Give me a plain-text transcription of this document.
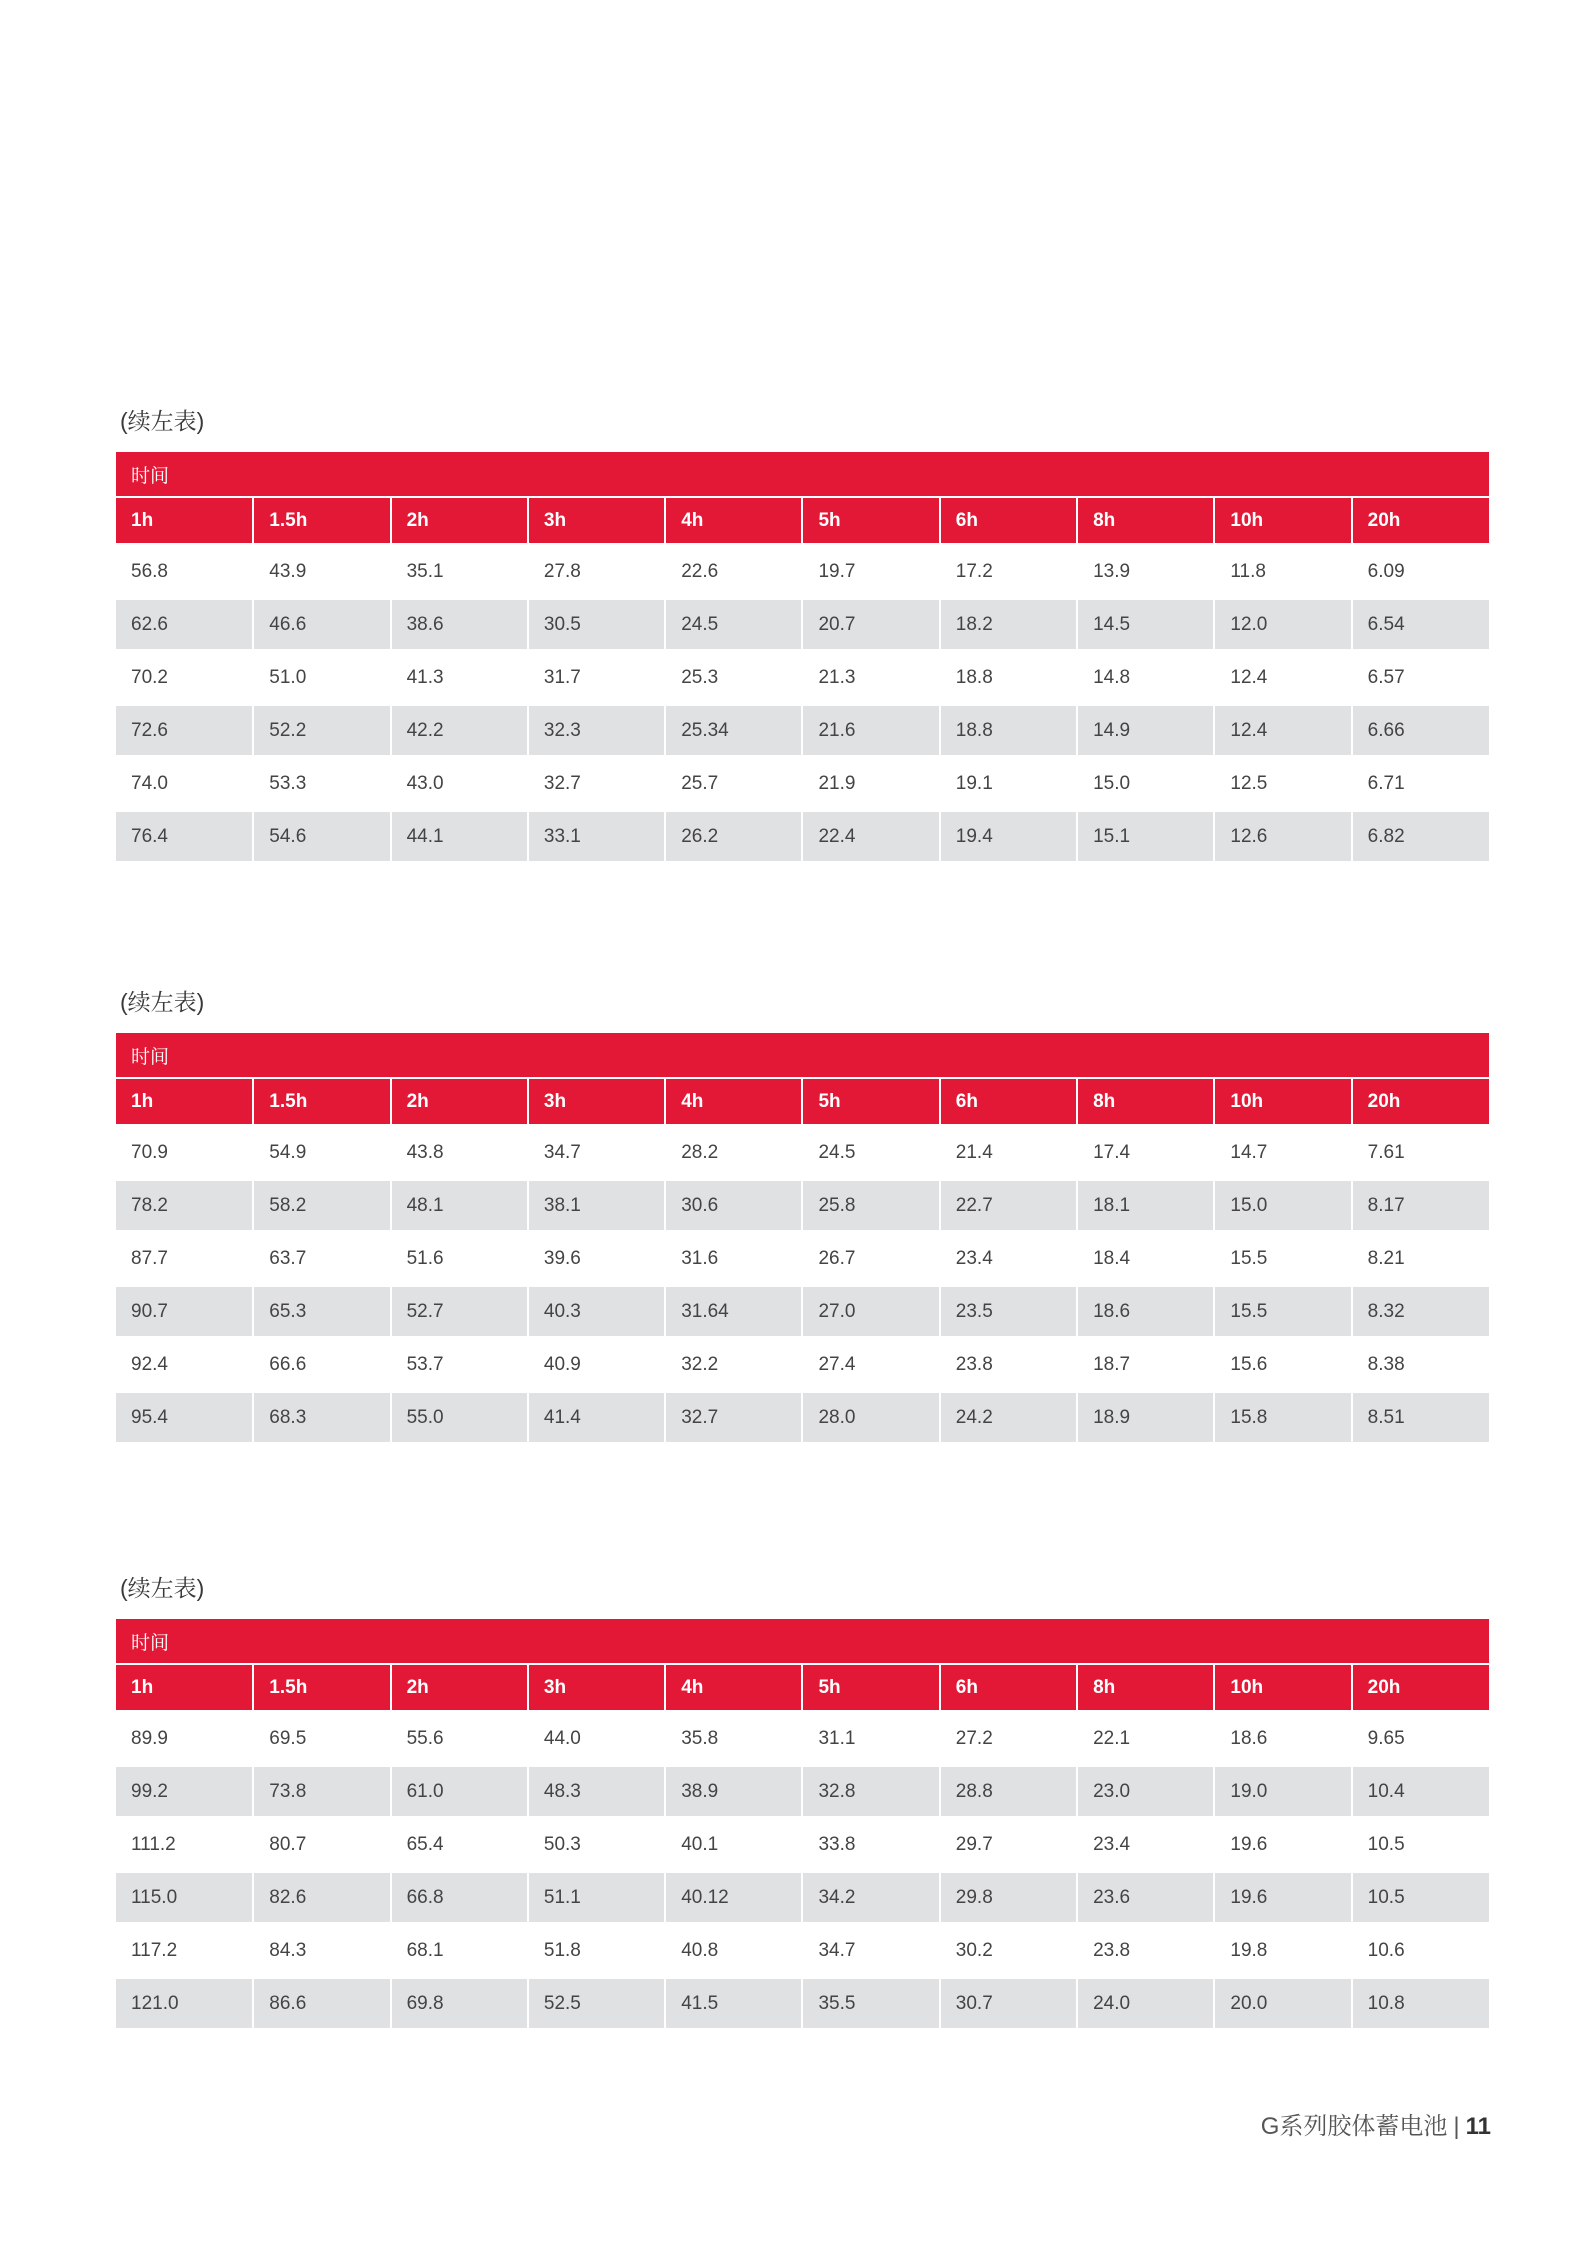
(续左表)
时间									
1h	1.5h	2h	3h	4h	5h	6h	8h	10h	20h
56.8	43.9	35.1	27.8	22.6	19.7	17.2	13.9	11.8	6.09
62.6	46.6	38.6	30.5	24.5	20.7	18.2	14.5	12.0	6.54
70.2	51.0	41.3	31.7	25.3	21.3	18.8	14.8	12.4	6.57
72.6	52.2	42.2	32.3	25.34	21.6	18.8	14.9	12.4	6.66
74.0	53.3	43.0	32.7	25.7	21.9	19.1	15.0	12.5	6.71
76.4	54.6	44.1	33.1	26.2	22.4	19.4	15.1	12.6	6.82
(续左表)
时间									
1h	1.5h	2h	3h	4h	5h	6h	8h	10h	20h
70.9	54.9	43.8	34.7	28.2	24.5	21.4	17.4	14.7	7.61
78.2	58.2	48.1	38.1	30.6	25.8	22.7	18.1	15.0	8.17
87.7	63.7	51.6	39.6	31.6	26.7	23.4	18.4	15.5	8.21
90.7	65.3	52.7	40.3	31.64	27.0	23.5	18.6	15.5	8.32
92.4	66.6	53.7	40.9	32.2	27.4	23.8	18.7	15.6	8.38
95.4	68.3	55.0	41.4	32.7	28.0	24.2	18.9	15.8	8.51
(续左表)
时间									
1h	1.5h	2h	3h	4h	5h	6h	8h	10h	20h
89.9	69.5	55.6	44.0	35.8	31.1	27.2	22.1	18.6	9.65
99.2	73.8	61.0	48.3	38.9	32.8	28.8	23.0	19.0	10.4
111.2	80.7	65.4	50.3	40.1	33.8	29.7	23.4	19.6	10.5
115.0	82.6	66.8	51.1	40.12	34.2	29.8	23.6	19.6	10.5
117.2	84.3	68.1	51.8	40.8	34.7	30.2	23.8	19.8	10.6
121.0	86.6	69.8	52.5	41.5	35.5	30.7	24.0	20.0	10.8
G系列胶体蓄电池 | 11
